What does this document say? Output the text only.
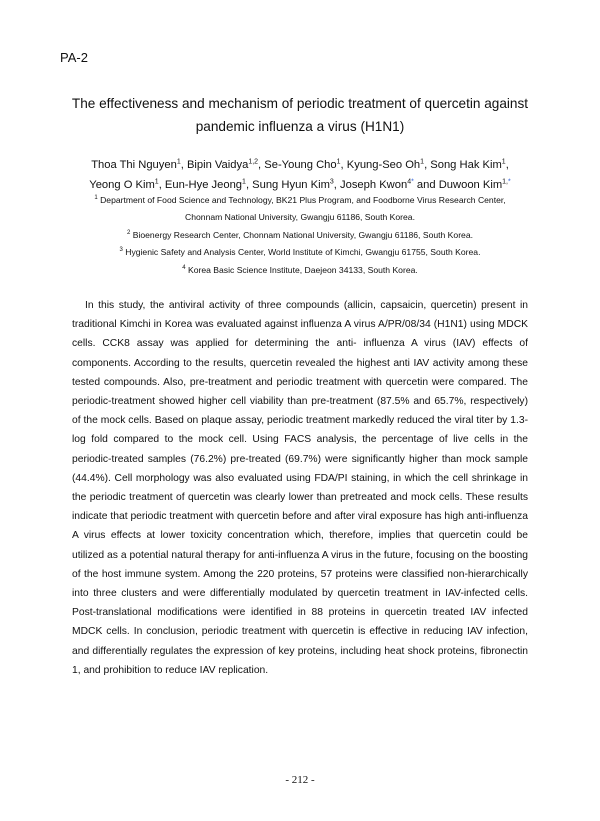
PA-2
The effectiveness and mechanism of periodic treatment of quercetin against
pandemic influenza a virus (H1N1)
Thoa Thi Nguyen$^1$, Bipin Vaidya$^{1,2}$, Se-Young Cho$^1$, Kyung-Seo Oh$^1$, Song Hak Kim$^1$,
Yeong O Kim$^1$, Eun-Hye Jeong$^1$, Sung Hyun Kim$^3$, Joseph Kwon$^{4*}$ and Duwoon Kim$^{1,*}$
$^1$ Department of Food Science and Technology, BK21 Plus Program, and Foodborne Virus Research Center,
Chonnam National University, Gwangju 61186, South Korea.
$^2$ Bioenergy Research Center, Chonnam National University, Gwangju 61186, South Korea.
$^3$ Hygienic Safety and Analysis Center, World Institute of Kimchi, Gwangju 61755, South Korea.
$^4$ Korea Basic Science Institute, Daejeon 34133, South Korea.

In this study, the antiviral activity of three compounds (allicin, capsaicin, quercetin) present in traditional Kimchi in Korea was evaluated against influenza A virus A/PR/08/34 (H1N1) using MDCK cells. CCK8 assay was applied for determining the anti- influenza A virus (IAV) effects of components. According to the results, quercetin revealed the highest anti IAV activity among these tested compounds. Also, pre-treatment and periodic treatment with quercetin were compared. The periodic-treatment showed higher cell viability than pre-treatment (87.5% and 65.7%, respectively) of the mock cells. Based on plaque assay, periodic treatment markedly reduced the viral titer by 1.3-log fold compared to the mock cell. Using FACS analysis, the percentage of live cells in the periodic-treated samples (76.2%) pre-treated (69.7%) were significantly higher than mock sample (44.4%). Cell morphology was also evaluated using FDA/PI staining, in which the cell shrinkage in the periodic treatment of quercetin was clearly lower than pretreated and mock cells. These results indicate that periodic treatment with quercetin before and after viral exposure has high anti-influenza A virus effects at lower toxicity concentration which, therefore, implies that quercetin could be utilized as a potential natural therapy for anti-influenza A virus in the future, focusing on the boosting of the host immune system. Among the 220 proteins, 57 proteins were classified non-hierarchically into three clusters and were differentially modulated by quercetin treatment in IAV-infected cells. Post-translational modifications were identified in 88 proteins in quercetin treated IAV infected MDCK cells. In conclusion, periodic treatment with quercetin is effective in reducing IAV infection, and differentially regulates the expression of key proteins, including heat shock proteins, fibronectin 1, and prohibition to reduce IAV replication.

- 212 -
